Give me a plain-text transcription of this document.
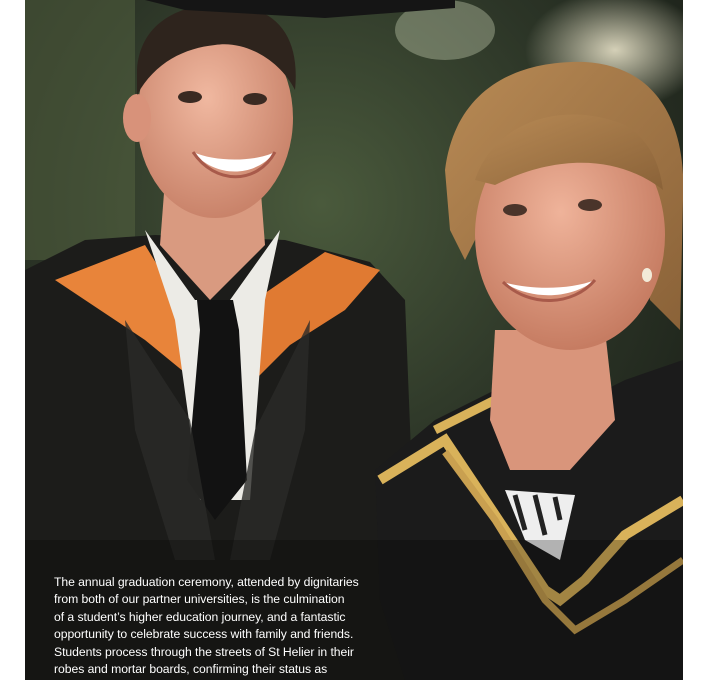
The annual graduation ceremony, attended by dignitaries

from both of our partner universities, is the culmination

of a student’s higher education journey, and a fantastic

opportunity to celebrate success with family and friends.

Students process through the streets of St Helier in their

robes and mortar boards, confirming their status as
